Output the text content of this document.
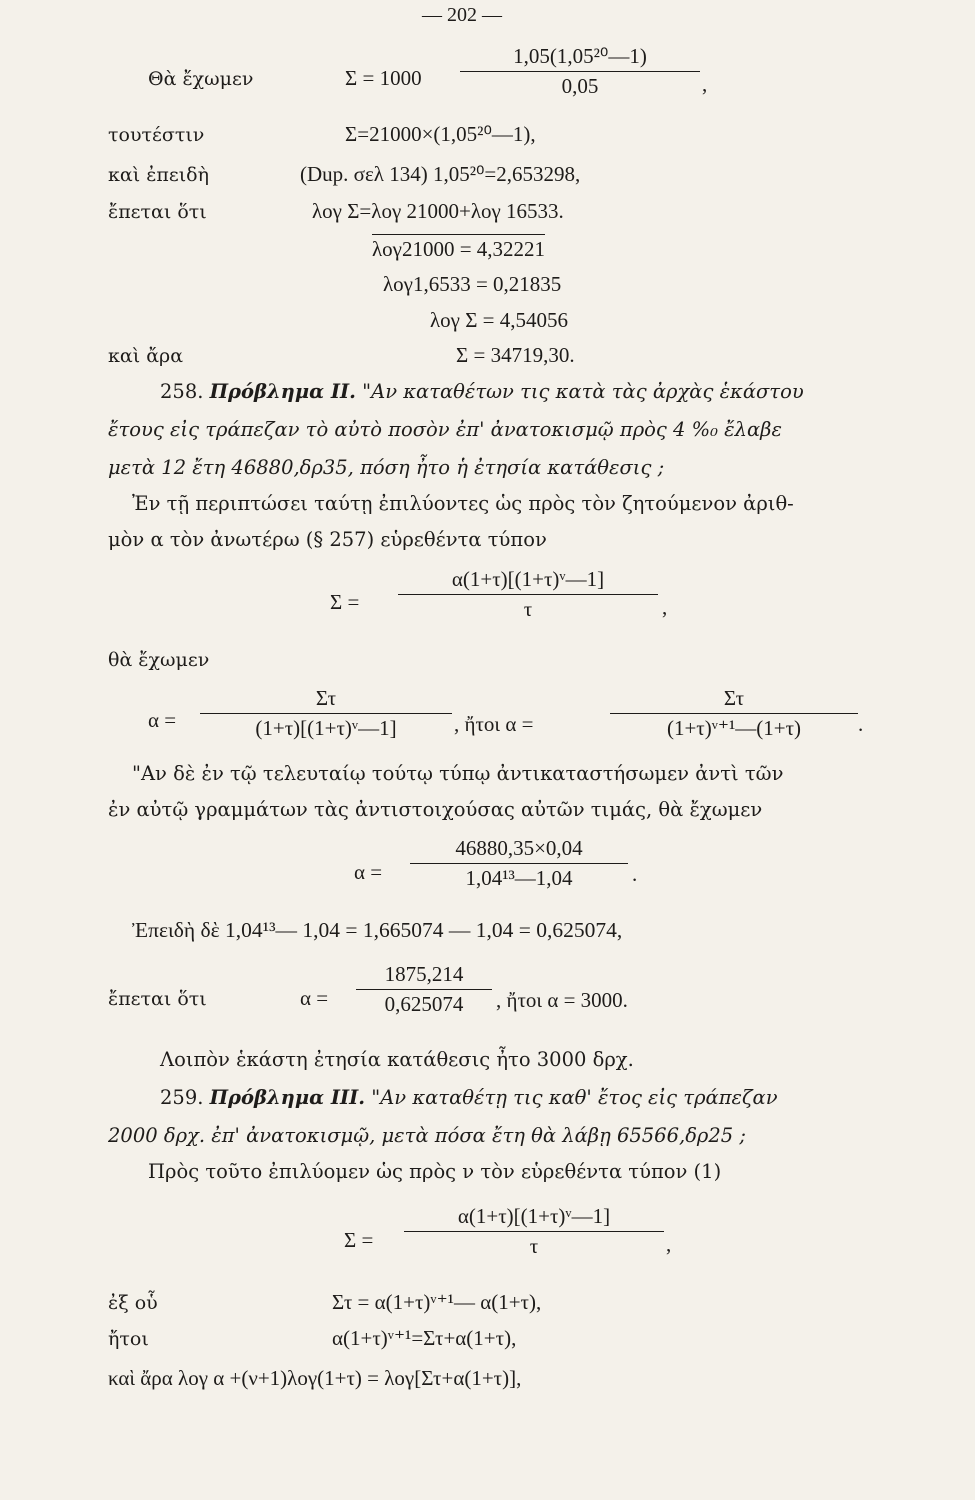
— 202 —
Θὰ ἔχωμεν	$\Sigma = 1000 \frac{\text{1,05(1,05²⁰—1)}}{0,05}$ ,
τουτέστιν	Σ=21000×(1,05²⁰—1),
καὶ ἐπειδὴ	(Dup. σελ 134) 1,05²⁰=2,653298,
ἔπεται ὅτι	λογ Σ=λογ 21000+λογ 16533.
λογ21000 = 4,32221
λογ1,6533 = 0,21835
λογ Σ = 4,54056
καὶ ἄρα	Σ = 34719,30.
258. Πρόβλημα ΙΙ. "Αν καταθέτων τις κατὰ τὰς ἀρχὰς ἑκάστου
ἔτους εἰς τράπεζαν τὸ αὐτὸ ποσὸν ἐπ' ἀνατοκισμῷ πρὸς 4 %₀ ἔλαβε
μετὰ 12 ἔτη 46880,δρ35, πόση ἦτο ἡ ἐτησία κατάθεσις ;
Ἐν τῇ περιπτώσει ταύτῃ ἐπιλύοντες ὡς πρὸς τὸν ζητούμενον ἀριθ-
μὸν α τὸν ἀνωτέρω (§ 257) εὑρεθέντα τύπον
$\Sigma = \frac{\text{α(1+τ)[(1+τ)ᵛ—1]}}{\tau}$ ,
θὰ ἔχωμεν
$\alpha = \frac{\Sigma\tau}{\text{(1+τ)[(1+τ)ᵛ—1]}}$ , ἤτοι α =	$\frac{\Sigma\tau}{\text{(1+τ)ᵛ⁺¹—(1+τ)}}$ .
"Αν δὲ ἐν τῷ τελευταίῳ τούτῳ τύπῳ ἀντικαταστήσωμεν ἀντὶ τῶν
ἐν αὐτῷ γραμμάτων τὰς ἀντιστοιχούσας αὐτῶν τιμάς, θὰ ἔχωμεν
$\alpha = \frac{46880,35\times 0,04}{\text{1,04¹³—1,04}}$ .
Ἐπειδὴ δὲ 1,04¹³— 1,04 = 1,665074 — 1,04 = 0,625074,
ἔπεται ὅτι	$\alpha = \frac{1875,214}{0,625074}$ , ἤτοι α = 3000.
Λοιπὸν ἑκάστη ἐτησία κατάθεσις ἦτο 3000 δρχ.
259. Πρόβλημα ΙΙΙ. "Αν καταθέτῃ τις καθ' ἔτος εἰς τράπεζαν
2000 δρχ. ἐπ' ἀνατοκισμῷ, μετὰ πόσα ἔτη θὰ λάβῃ 65566,δρ25 ;
Πρὸς τοῦτο ἐπιλύομεν ὡς πρὸς ν τὸν εὑρεθέντα τύπον (1)
$\Sigma = \frac{\text{α(1+τ)[(1+τ)ᵛ—1]}}{\tau}$ ,
ἐξ οὗ	Στ = α(1+τ)ᵛ⁺¹— α(1+τ),
ἤτοι	α(1+τ)ᵛ⁺¹=Στ+α(1+τ),
καὶ ἄρα λογ α +(ν+1)λογ(1+τ) = λογ[Στ+α(1+τ)],
